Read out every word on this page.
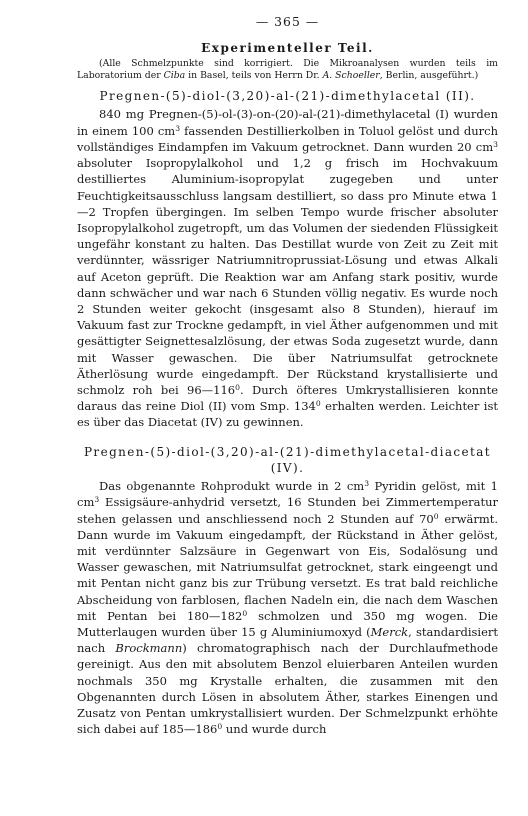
— 365 —
Experimenteller Teil.

(Alle Schmelzpunkte sind korrigiert. Die Mikroanalysen wurden teils im Laboratorium der Ciba in Basel, teils von Herrn Dr. A. Schoeller, Berlin, ausgeführt.)

Pregnen-(5)-diol-(3,20)-al-(21)-dimethylacetal (II).

840 mg Pregnen-(5)-ol-(3)-on-(20)-al-(21)-dimethylacetal (I) wurden in einem 100 $cm^3$ fassenden Destillierkolben in Toluol gelöst und durch vollständiges Eindampfen im Vakuum getrocknet. Dann wurden 20 $cm^3$ absoluter Isopropylalkohol und 1,2 g frisch im Hochvakuum destilliertes Aluminium-isopropylat zugegeben und unter Feuchtigkeitsausschluss langsam destilliert, so dass pro Minute etwa 1—2 Tropfen übergingen. Im selben Tempo wurde frischer absoluter Isopropylalkohol zugetropft, um das Volumen der siedenden Flüssigkeit ungefähr konstant zu halten. Das Destillat wurde von Zeit zu Zeit mit verdünnter, wässriger Natriumnitroprussiat-Lösung und etwas Alkali auf Aceton geprüft. Die Reaktion war am Anfang stark positiv, wurde dann schwächer und war nach 6 Stunden völlig negativ. Es wurde noch 2 Stunden weiter gekocht (insgesamt also 8 Stunden), hierauf im Vakuum fast zur Trockne gedampft, in viel Äther aufgenommen und mit gesättigter Seignettesalzlösung, der etwas Soda zugesetzt wurde, dann mit Wasser gewaschen. Die über Natriumsulfat getrocknete Ätherlösung wurde eingedampft. Der Rückstand krystallisierte und schmolz roh bei $96—116^0$. Durch öfteres Umkrystallisieren konnte daraus das reine Diol (II) vom Smp. $134^0$ erhalten werden. Leichter ist es über das Diacetat (IV) zu gewinnen.

Pregnen-(5)-diol-(3,20)-al-(21)-dimethylacetal-diacetat
(IV).

Das obgenannte Rohprodukt wurde in 2 $cm^3$ Pyridin gelöst, mit 1 $cm^3$ Essigsäure-anhydrid versetzt, 16 Stunden bei Zimmertemperatur stehen gelassen und anschliessend noch 2 Stunden auf $70^0$ erwärmt. Dann wurde im Vakuum eingedampft, der Rückstand in Äther gelöst, mit verdünnter Salzsäure in Gegenwart von Eis, Sodalösung und Wasser gewaschen, mit Natriumsulfat getrocknet, stark eingeengt und mit Pentan nicht ganz bis zur Trübung versetzt. Es trat bald reichliche Abscheidung von farblosen, flachen Nadeln ein, die nach dem Waschen mit Pentan bei $180—182^0$ schmolzen und 350 mg wogen. Die Mutterlaugen wurden über 15 g Aluminiumoxyd (Merck, standardisiert nach Brockmann) chromatographisch nach der Durchlaufmethode gereinigt. Aus den mit absolutem Benzol eluierbaren Anteilen wurden nochmals 350 mg Krystalle erhalten, die zusammen mit den Obgenannten durch Lösen in absolutem Äther, starkes Einengen und Zusatz von Pentan umkrystallisiert wurden. Der Schmelzpunkt erhöhte sich dabei auf $185—186^0$ und wurde durch
